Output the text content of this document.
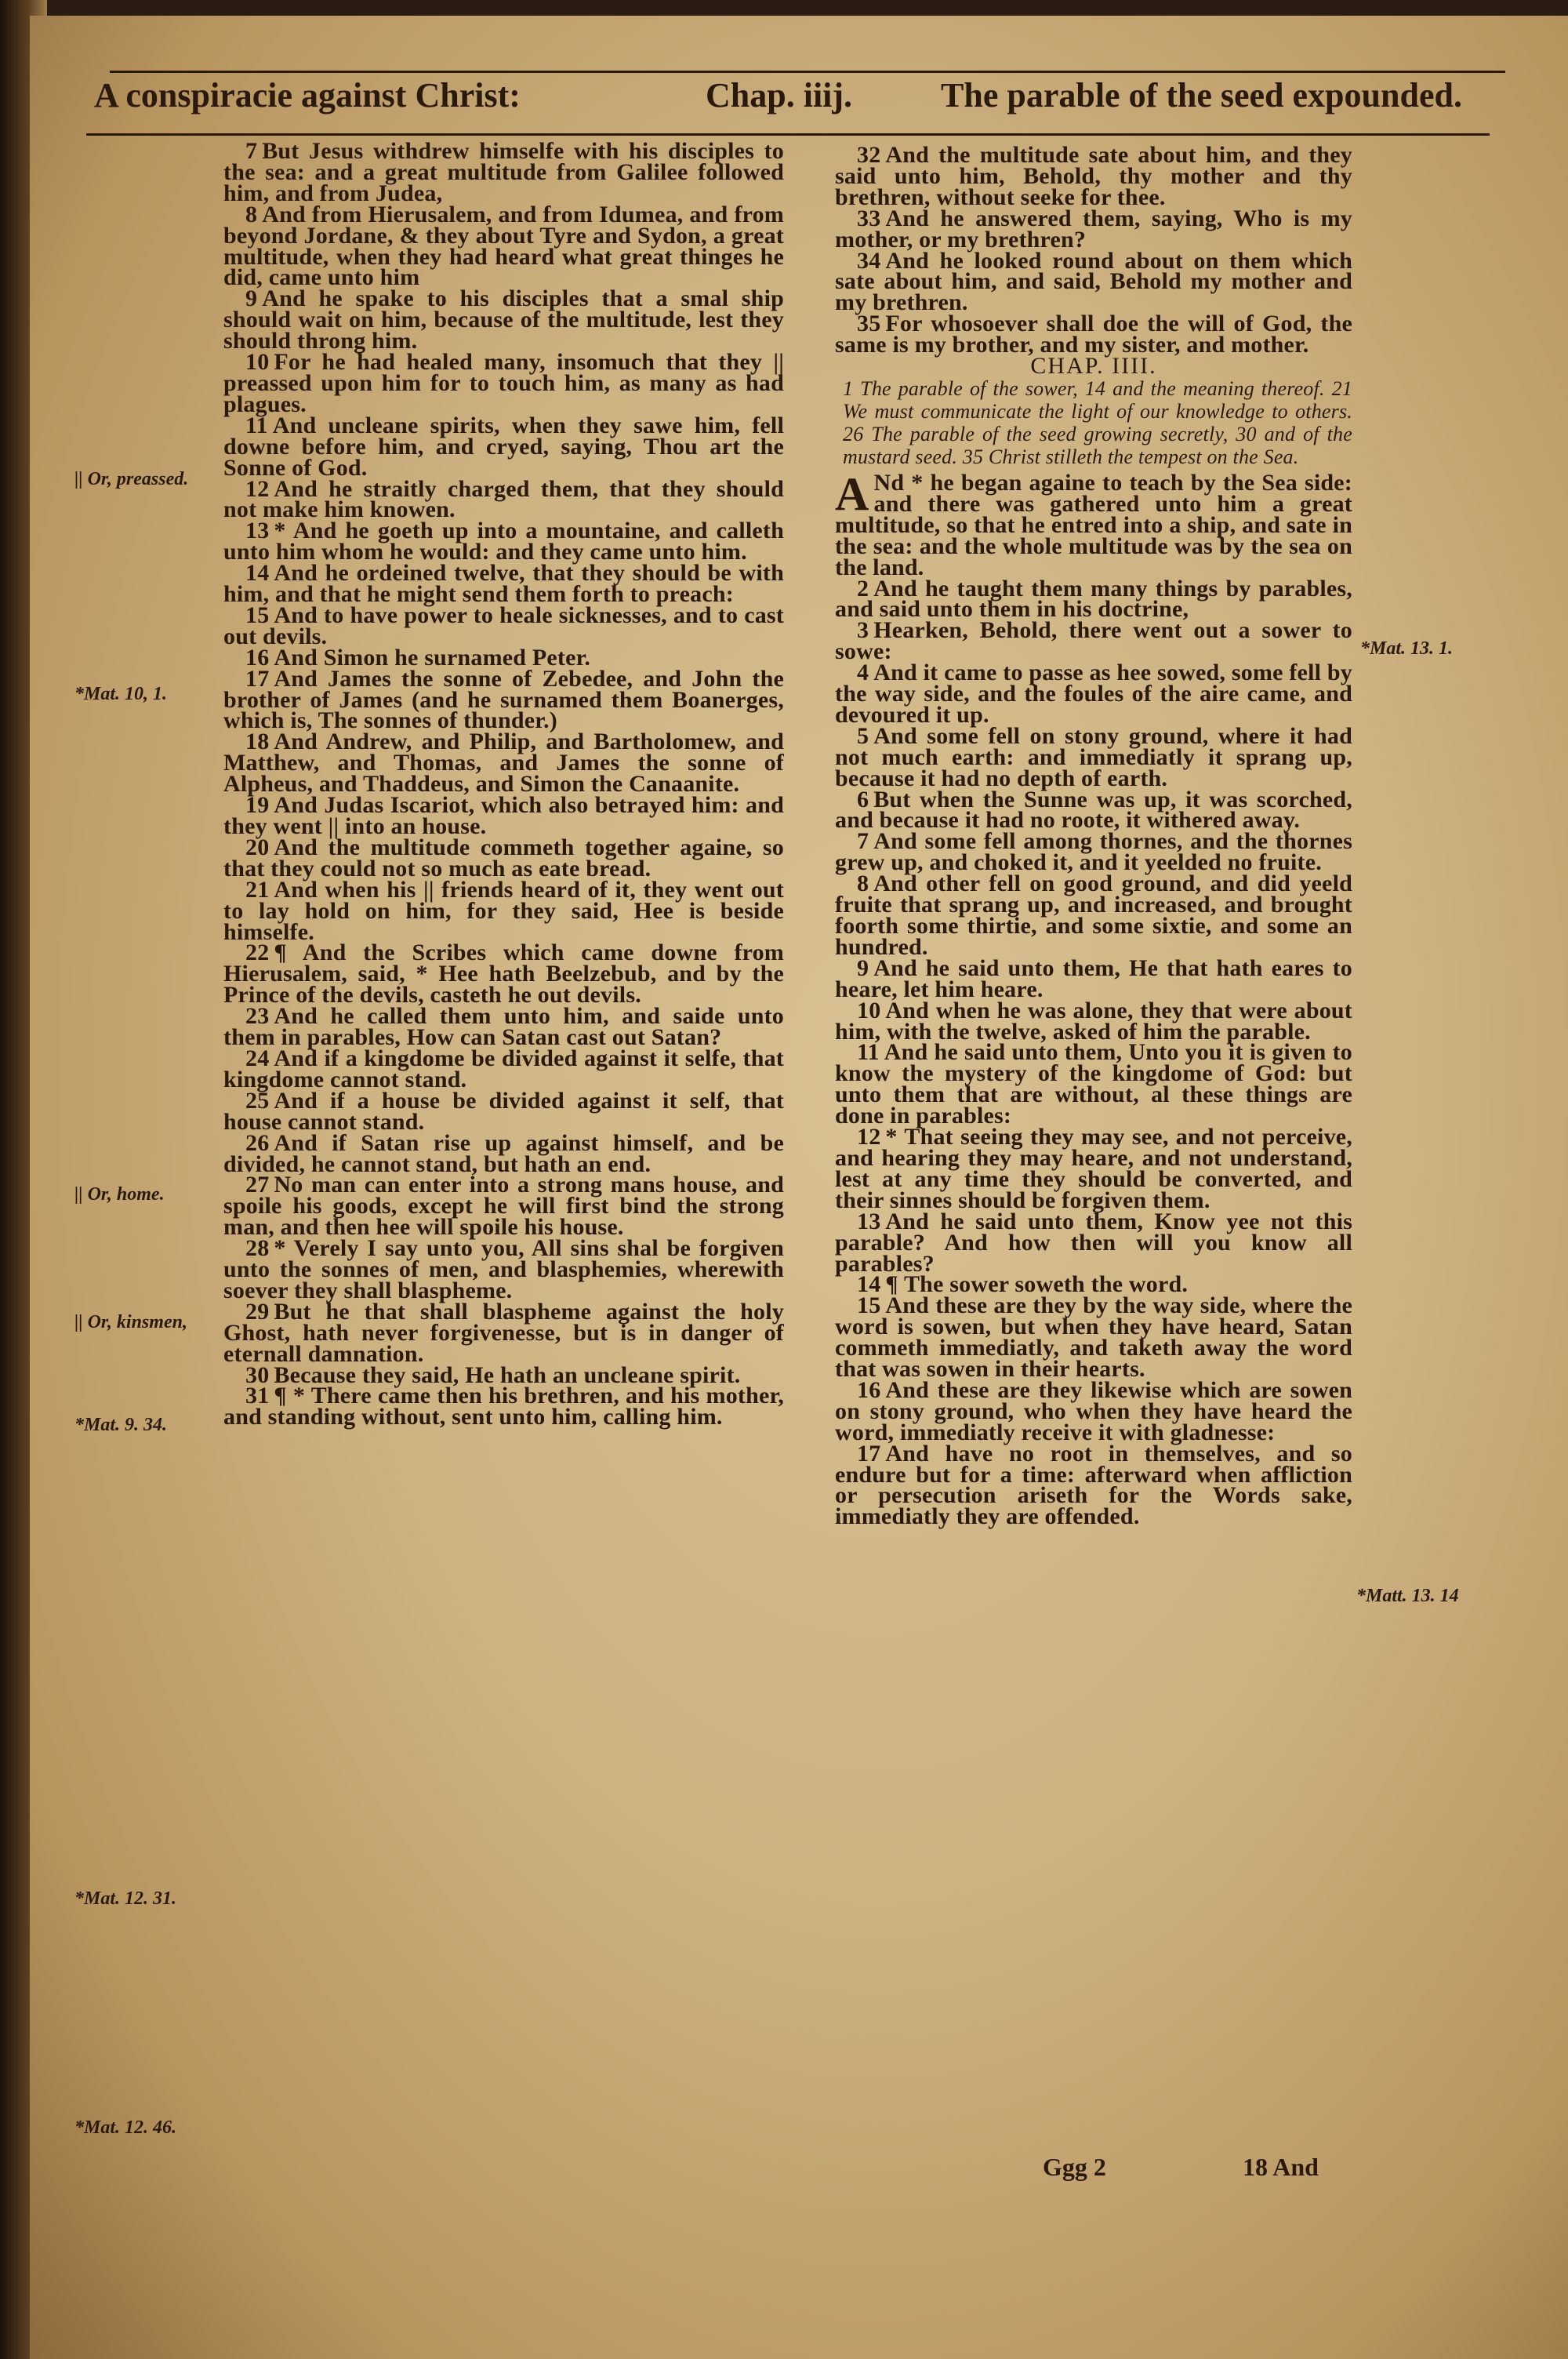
A conspiracie against Christ:	Chap. iiij.	The parable of the seed expounded.

7 But Jesus withdrew himselfe with his disciples to the sea: and a great multitude from Galilee followed him, and from Judea,

8 And from Hierusalem, and from Idumea, and from beyond Jordane, & they about Tyre and Sydon, a great multitude, when they had heard what great thinges he did, came unto him

9 And he spake to his disciples that a smal ship should wait on him, because of the multitude, lest they should throng him.

10 For he had healed many, insomuch that they || preassed upon him for to touch him, as many as had plagues.

11 And uncleane spirits, when they sawe him, fell downe before him, and cryed, saying, Thou art the Sonne of God.

12 And he straitly charged them, that they should not make him knowen.

13 * And he goeth up into a mountaine, and calleth unto him whom he would: and they came unto him.

14 And he ordeined twelve, that they should be with him, and that he might send them forth to preach:

15 And to have power to heale sicknesses, and to cast out devils.

16 And Simon he surnamed Peter.

17 And James the sonne of Zebedee, and John the brother of James (and he surnamed them Boanerges, which is, The sonnes of thunder.)

18 And Andrew, and Philip, and Bartholomew, and Matthew, and Thomas, and James the sonne of Alpheus, and Thaddeus, and Simon the Canaanite.

19 And Judas Iscariot, which also betrayed him: and they went || into an house.

20 And the multitude commeth together againe, so that they could not so much as eate bread.

21 And when his || friends heard of it, they went out to lay hold on him, for they said, Hee is beside himselfe.

22 ¶ And the Scribes which came downe from Hierusalem, said, * Hee hath Beelzebub, and by the Prince of the devils, casteth he out devils.

23 And he called them unto him, and saide unto them in parables, How can Satan cast out Satan?

24 And if a kingdome be divided against it selfe, that kingdome cannot stand.

25 And if a house be divided against it self, that house cannot stand.

26 And if Satan rise up against himself, and be divided, he cannot stand, but hath an end.

27 No man can enter into a strong mans house, and spoile his goods, except he will first bind the strong man, and then hee will spoile his house.

28 * Verely I say unto you, All sins shal be forgiven unto the sonnes of men, and blasphemies, wherewith soever they shall blaspheme.

29 But he that shall blaspheme against the holy Ghost, hath never forgivenesse, but is in danger of eternall damnation.

30 Because they said, He hath an uncleane spirit.

31 ¶ * There came then his brethren, and his mother, and standing without, sent unto him, calling him.

32 And the multitude sate about him, and they said unto him, Behold, thy mother and thy brethren, without seeke for thee.

33 And he answered them, saying, Who is my mother, or my brethren?

34 And he looked round about on them which sate about him, and said, Behold my mother and my brethren.

35 For whosoever shall doe the will of God, the same is my brother, and my sister, and mother.

CHAP. IIII.

1 The parable of the sower, 14 and the meaning thereof. 21 We must communicate the light of our knowledge to others. 26 The parable of the seed growing secretly, 30 and of the mustard seed. 35 Christ stilleth the tempest on the Sea.

A Nd * he began againe to teach by the Sea side: and there was gathered unto him a great multitude, so that he entred into a ship, and sate in the sea: and the whole multitude was by the sea on the land.

2 And he taught them many things by parables, and said unto them in his doctrine,

3 Hearken, Behold, there went out a sower to sowe:

4 And it came to passe as hee sowed, some fell by the way side, and the foules of the aire came, and devoured it up.

5 And some fell on stony ground, where it had not much earth: and immediatly it sprang up, because it had no depth of earth.

6 But when the Sunne was up, it was scorched, and because it had no roote, it withered away.

7 And some fell among thornes, and the thornes grew up, and choked it, and it yeelded no fruite.

8 And other fell on good ground, and did yeeld fruite that sprang up, and increased, and brought foorth some thirtie, and some sixtie, and some an hundred.

9 And he said unto them, He that hath eares to heare, let him heare.

10 And when he was alone, they that were about him, with the twelve, asked of him the parable.

11 And he said unto them, Unto you it is given to know the mystery of the kingdome of God: but unto them that are without, al these things are done in parables:

12 * That seeing they may see, and not perceive, and hearing they may heare, and not understand, lest at any time they should be converted, and their sinnes should be forgiven them.

13 And he said unto them, Know yee not this parable? And how then will you know all parables?

14 ¶ The sower soweth the word.

15 And these are they by the way side, where the word is sowen, but when they have heard, Satan commeth immediatly, and taketh away the word that was sowen in their hearts.

16 And these are they likewise which are sowen on stony ground, who when they have heard the word, immediatly receive it with gladnesse:

17 And have no root in themselves, and so endure but for a time: afterward when affliction or persecution ariseth for the Words sake, immediatly they are offended.

|| Or, preassed.
*Mat. 10, 1.
|| Or, home.
|| Or, kinsmen,
*Mat. 9. 34.
*Mat. 12. 31.
*Mat. 12. 46.
*Mat. 13. 1.
*Matt. 13. 14
Ggg 2	18 And
